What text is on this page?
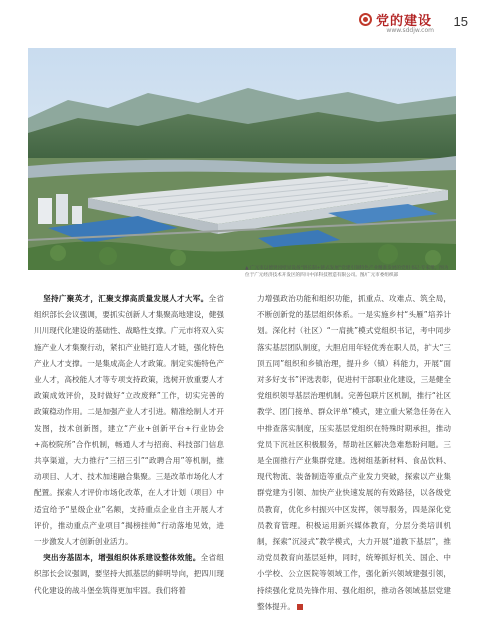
党的建设
www.sddjw.com
15
▲ 广元市以德贤园壁显设备“链长制+链式发展”党建引领特色产业精准发展的党组书记·专家带。图为位于广元经济技术开发区的四川中泽科技智造有限公司。图/广元市委组织部

坚持广聚英才，汇聚支撑高质量发展人才大军。全省组织部长会议强调，要抓实创新人才集聚高地建设，健强川川现代化建设的基础性、战略性支撑。广元市将双入实施产业人才集聚行动，紧扣产业链打造人才链，强化特色产业人才支撑。一是集成高企人才政策。制定实施特色产业人才，高校能人才等专项支持政策，选树开放重要人才政策成效评价，及时做好“立改废释”工作，切实完善的政策稳动作用。二是加强产业人才引进。精准绘制人才开发图，技术创新图，建立“产业+创新平台+行业协会+高校院所”合作机制，畅通人才与招商、科技部门信息共享渠道，大力推行“三招三引”“政聘合用”等机制，推动项目、人才、技术加速融合集聚。三是改革市场化人才配置。探索人才评价市场化改革，在人才计划（项目）中适宜给予“星级企业”名额，支持重点企业自主开展人才评价，推动重点产业项目“揭榜挂帅”行动落地见效，进一步激发人才创新创业活力。

突出夯基固本，增强组织体系建设整体效能。全省组织部长会议强调，要坚持大抓基层的鲜明导向，把四川现代化建设的战斗堡垒筑得更加牢固。我们将着

力增强政治功能和组织功能，抓重点、攻难点、筑全局，不断创新党的基层组织体系。一是实施乡村“头雁”培养计划。深化村（社区）“一肩挑”模式党组织书记，考中同步落实基层团队制度，大胆启用年轻优秀在职人员，扩大“三顶五同”组织和乡镇治理，提升乡（镇）科能力，开展“面对多好支书”评选表彰，促进村干部职业化建设，三是健全党组织领导基层治理机制。完善包联片区机制，推行“社区教学、团门接单、群众评单”模式，建立重大紧急任务在入中排查落实制度，压实基层党组织在特殊时期承担，推动党员下沉社区积极服务，帮助社区解决急难愁盼问题。三是全面推行产业集群党建。选树组基新材料、食品饮料、现代物流、装备制造等重点产业发力突破，探索以产业集群党建为引领、加快产业快速发展的有效路径，以各级党员教育，优化乡村振兴中区发挥，领导服务，四是深化党员教育管理。积极运用新兴媒体教育，分层分类培训机制，探索“沉浸式”教学模式，大力开展“道教下基层”，推动党员教育向基层延伸，同时，统筹抓好机关、国企、中小学校、公立医院等领域工作，强化新兴领域建强引领，持续强化党员先锋作用、强化组织，推动各领域基层党建整体提升。
